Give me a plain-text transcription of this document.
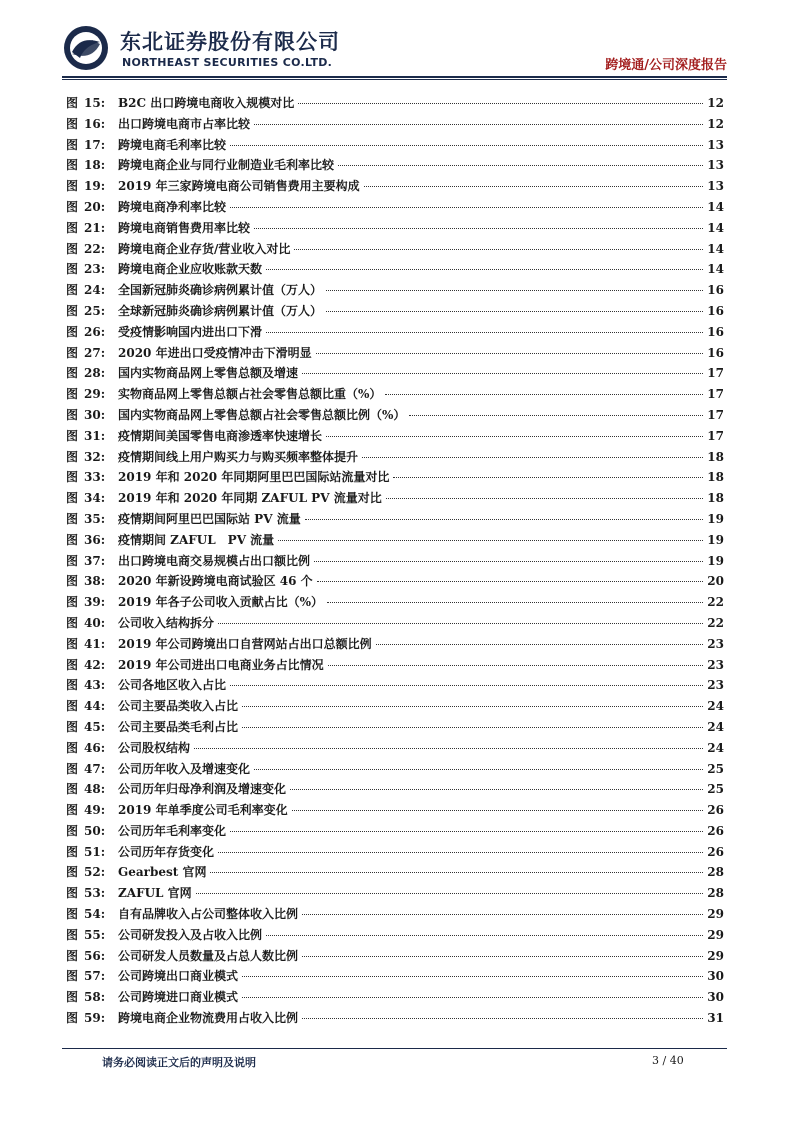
东北证券股份有限公司
NORTHEAST SECURITIES CO.LTD.	跨境通/公司深度报告
图 15:	B2C 出口跨境电商收入规模对比	12
图 16:	出口跨境电商市占率比较	12
图 17:	跨境电商毛利率比较	13
图 18:	跨境电商企业与同行业制造业毛利率比较	13
图 19:	2019 年三家跨境电商公司销售费用主要构成	13
图 20:	跨境电商净利率比较	14
图 21:	跨境电商销售费用率比较	14
图 22:	跨境电商企业存货/营业收入对比	14
图 23:	跨境电商企业应收账款天数	14
图 24:	全国新冠肺炎确诊病例累计值（万人）	16
图 25:	全球新冠肺炎确诊病例累计值（万人）	16
图 26:	受疫情影响国内进出口下滑	16
图 27:	2020 年进出口受疫情冲击下滑明显	16
图 28:	国内实物商品网上零售总额及增速	17
图 29:	实物商品网上零售总额占社会零售总额比重（%）	17
图 30:	国内实物商品网上零售总额占社会零售总额比例（%）	17
图 31:	疫情期间美国零售电商渗透率快速增长	17
图 32:	疫情期间线上用户购买力与购买频率整体提升	18
图 33:	2019 年和 2020 年同期阿里巴巴国际站流量对比	18
图 34:	2019 年和 2020 年同期 ZAFUL PV 流量对比	18
图 35:	疫情期间阿里巴巴国际站 PV 流量	19
图 36:	疫情期间 ZAFUL　PV 流量	19
图 37:	出口跨境电商交易规模占出口额比例	19
图 38:	2020 年新设跨境电商试验区 46 个	20
图 39:	2019 年各子公司收入贡献占比（%）	22
图 40:	公司收入结构拆分	22
图 41:	2019 年公司跨境出口自营网站占出口总额比例	23
图 42:	2019 年公司进出口电商业务占比情况	23
图 43:	公司各地区收入占比	23
图 44:	公司主要品类收入占比	24
图 45:	公司主要品类毛利占比	24
图 46:	公司股权结构	24
图 47:	公司历年收入及增速变化	25
图 48:	公司历年归母净利润及增速变化	25
图 49:	2019 年单季度公司毛利率变化	26
图 50:	公司历年毛利率变化	26
图 51:	公司历年存货变化	26
图 52:	Gearbest 官网	28
图 53:	ZAFUL 官网	28
图 54:	自有品牌收入占公司整体收入比例	29
图 55:	公司研发投入及占收入比例	29
图 56:	公司研发人员数量及占总人数比例	29
图 57:	公司跨境出口商业模式	30
图 58:	公司跨境进口商业模式	30
图 59:	跨境电商企业物流费用占收入比例	31
请务必阅读正文后的声明及说明	3 / 40
